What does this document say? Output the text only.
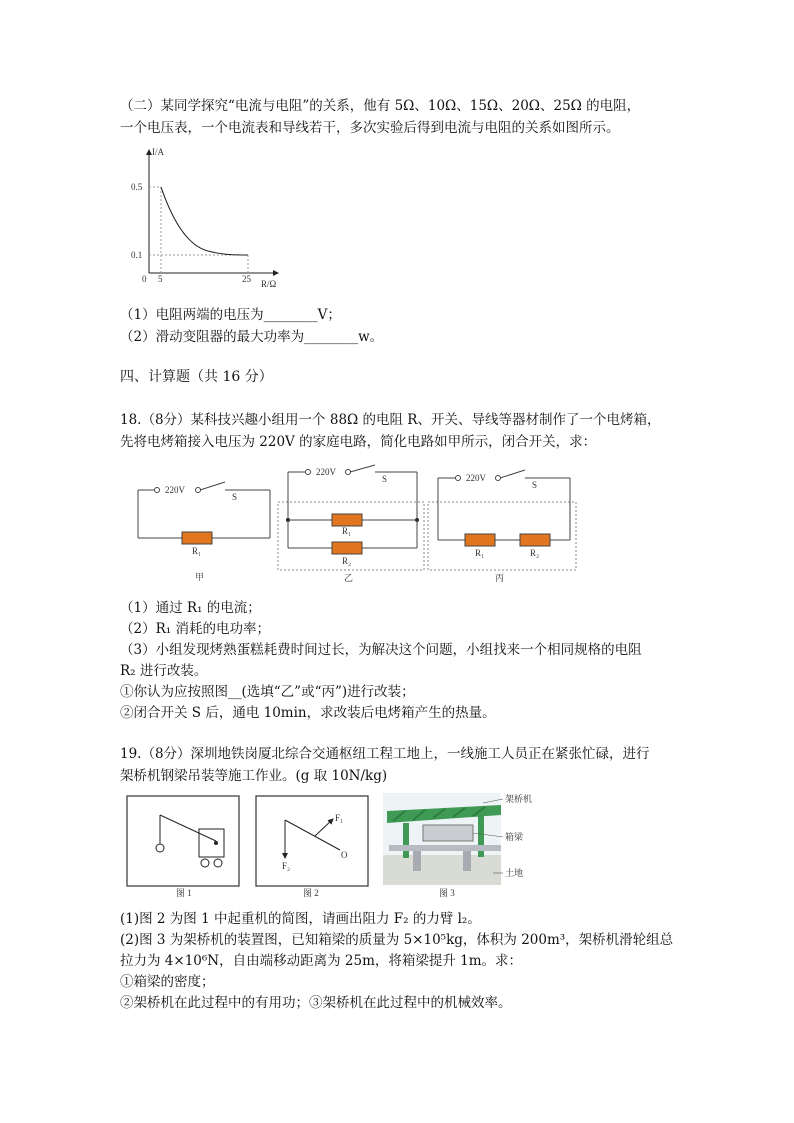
（二）某同学探究“电流与电阻”的关系，他有 5Ω、10Ω、15Ω、20Ω、25Ω 的电阻，
一个电压表，一个电流表和导线若干，多次实验后得到电流与电阻的关系如图所示。
I/A
R/Ω
0.5
0.1
0 5	25
（1）电阻两端的电压为________V；
（2）滑动变阻器的最大功率为________w。
四、计算题（共 16 分）
18.（8分）某科技兴趣小组用一个 88Ω 的电阻 R、开关、导线等器材制作了一个电烤箱，
先将电烤箱接入电压为 220V 的家庭电路，简化电路如甲所示，闭合开关，求：
220V
S
R₁
甲
220V
S
R₁
R₂
乙
220V
S
R₁	R₂
丙
（1）通过 R₁ 的电流；
（2）R₁ 消耗的电功率；
（3）小组发现烤熟蛋糕耗费时间过长，为解决这个问题，小组找来一个相同规格的电阻
R₂ 进行改装。
①你认为应按照图__(选填“乙”或“丙”)进行改装；
②闭合开关 S 后，通电 10min，求改装后电烤箱产生的热量。
19.（8分）深圳地铁岗厦北综合交通枢纽工程工地上，一线施工人员正在紧张忙碌，进行
架桥机钢梁吊装等施工作业。(g 取 10N/kg)
图 1
F₁
F₂
O
图 2
架桥机
箱梁
土地
图 3
(1)图 2 为图 1 中起重机的简图，请画出阻力 F₂ 的力臂 l₂。
(2)图 3 为架桥机的装置图，已知箱梁的质量为 5×10⁵kg，体积为 200m³，架桥机滑轮组总
拉力为 4×10⁶N，自由端移动距离为 25m，将箱梁提升 1m。求：
①箱梁的密度；
②架桥机在此过程中的有用功；③架桥机在此过程中的机械效率。
